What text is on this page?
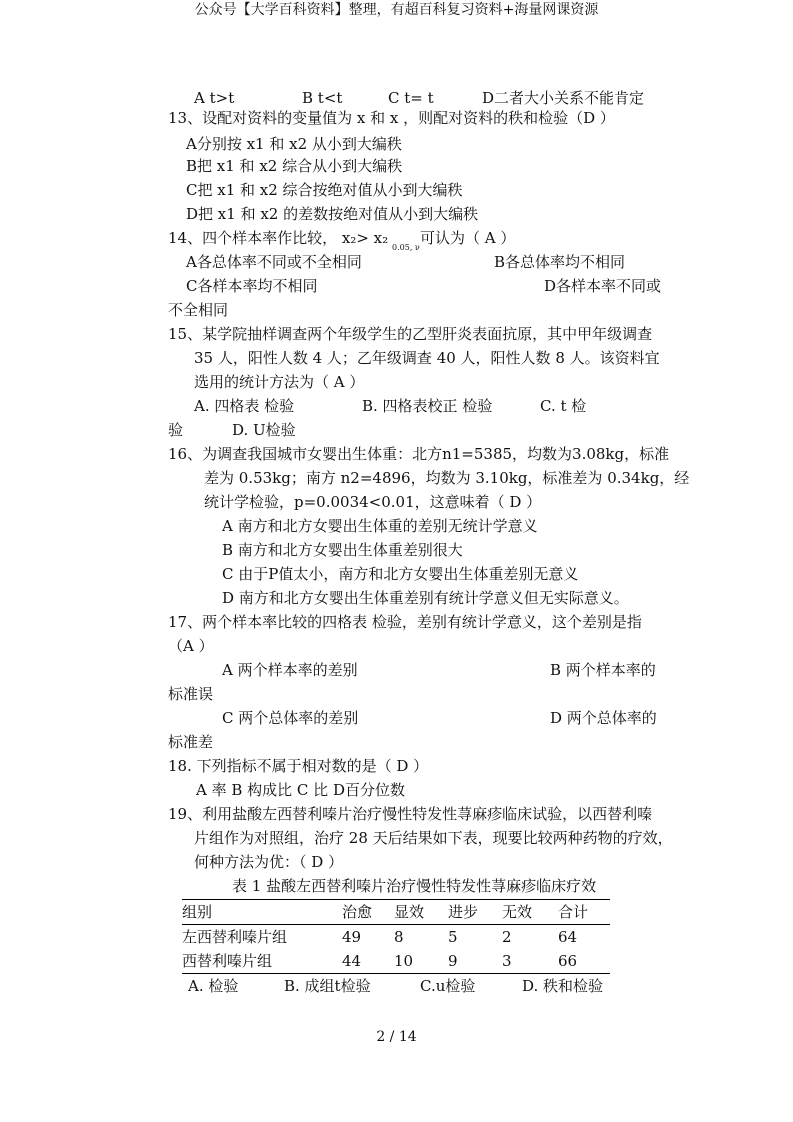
公众号【大学百科资料】整理，有超百科复习资料+海量网课资源
A t>t	B t<t	C t= t	D二者大小关系不能肯定
13、设配对资料的变量值为 x 和 x ，则配对资料的秩和检验（D ）
A分别按 x1 和 x2 从小到大编秩
B把 x1 和 x2 综合从小到大编秩
C把 x1 和 x2 综合按绝对值从小到大编秩
D把 x1 和 x2 的差数按绝对值从小到大编秩
14、四个样本率作比较， x₂> x₂
0.05, ν
可认为（ A ）
A各总体率不同或不全相同	B各总体率均不相同
C各样本率均不相同	D各样本率不同或
不全相同
15、某学院抽样调查两个年级学生的乙型肝炎表面抗原，其中甲年级调查
35 人，阳性人数 4 人；乙年级调查 40 人，阳性人数 8 人。该资料宜
选用的统计方法为（ A ）
A. 四格表 检验	B. 四格表校正 检验	C. t 检
验	D. U检验
16、为调查我国城市女婴出生体重：北方n1=5385，均数为3.08kg，标准
差为 0.53kg；南方 n2=4896，均数为 3.10kg，标准差为 0.34kg，经
统计学检验，p=0.0034<0.01，这意味着（ D ）
A 南方和北方女婴出生体重的差别无统计学意义
B 南方和北方女婴出生体重差别很大
C 由于P值太小，南方和北方女婴出生体重差别无意义
D 南方和北方女婴出生体重差别有统计学意义但无实际意义。
17、两个样本率比较的四格表 检验，差别有统计学意义，这个差别是指
（A ）
A 两个样本率的差别	B 两个样本率的
标准误
C 两个总体率的差别	D 两个总体率的
标准差
18. 下列指标不属于相对数的是（ D ）
A 率 B 构成比 C 比 D百分位数
19、利用盐酸左西替利嗪片治疗慢性特发性荨麻疹临床试验，以西替利嗪
片组作为对照组，治疗 28 天后结果如下表，现要比较两种药物的疗效，
何种方法为优：（ D ）
表 1 盐酸左西替利嗪片治疗慢性特发性荨麻疹临床疗效
组别	治愈	显效	进步	无效	合计
左西替利嗪片组	49	8	5	2	64
西替利嗪片组	44	10	9	3	66
A. 检验	B. 成组t检验	C.u检验	D. 秩和检验
2 / 14
